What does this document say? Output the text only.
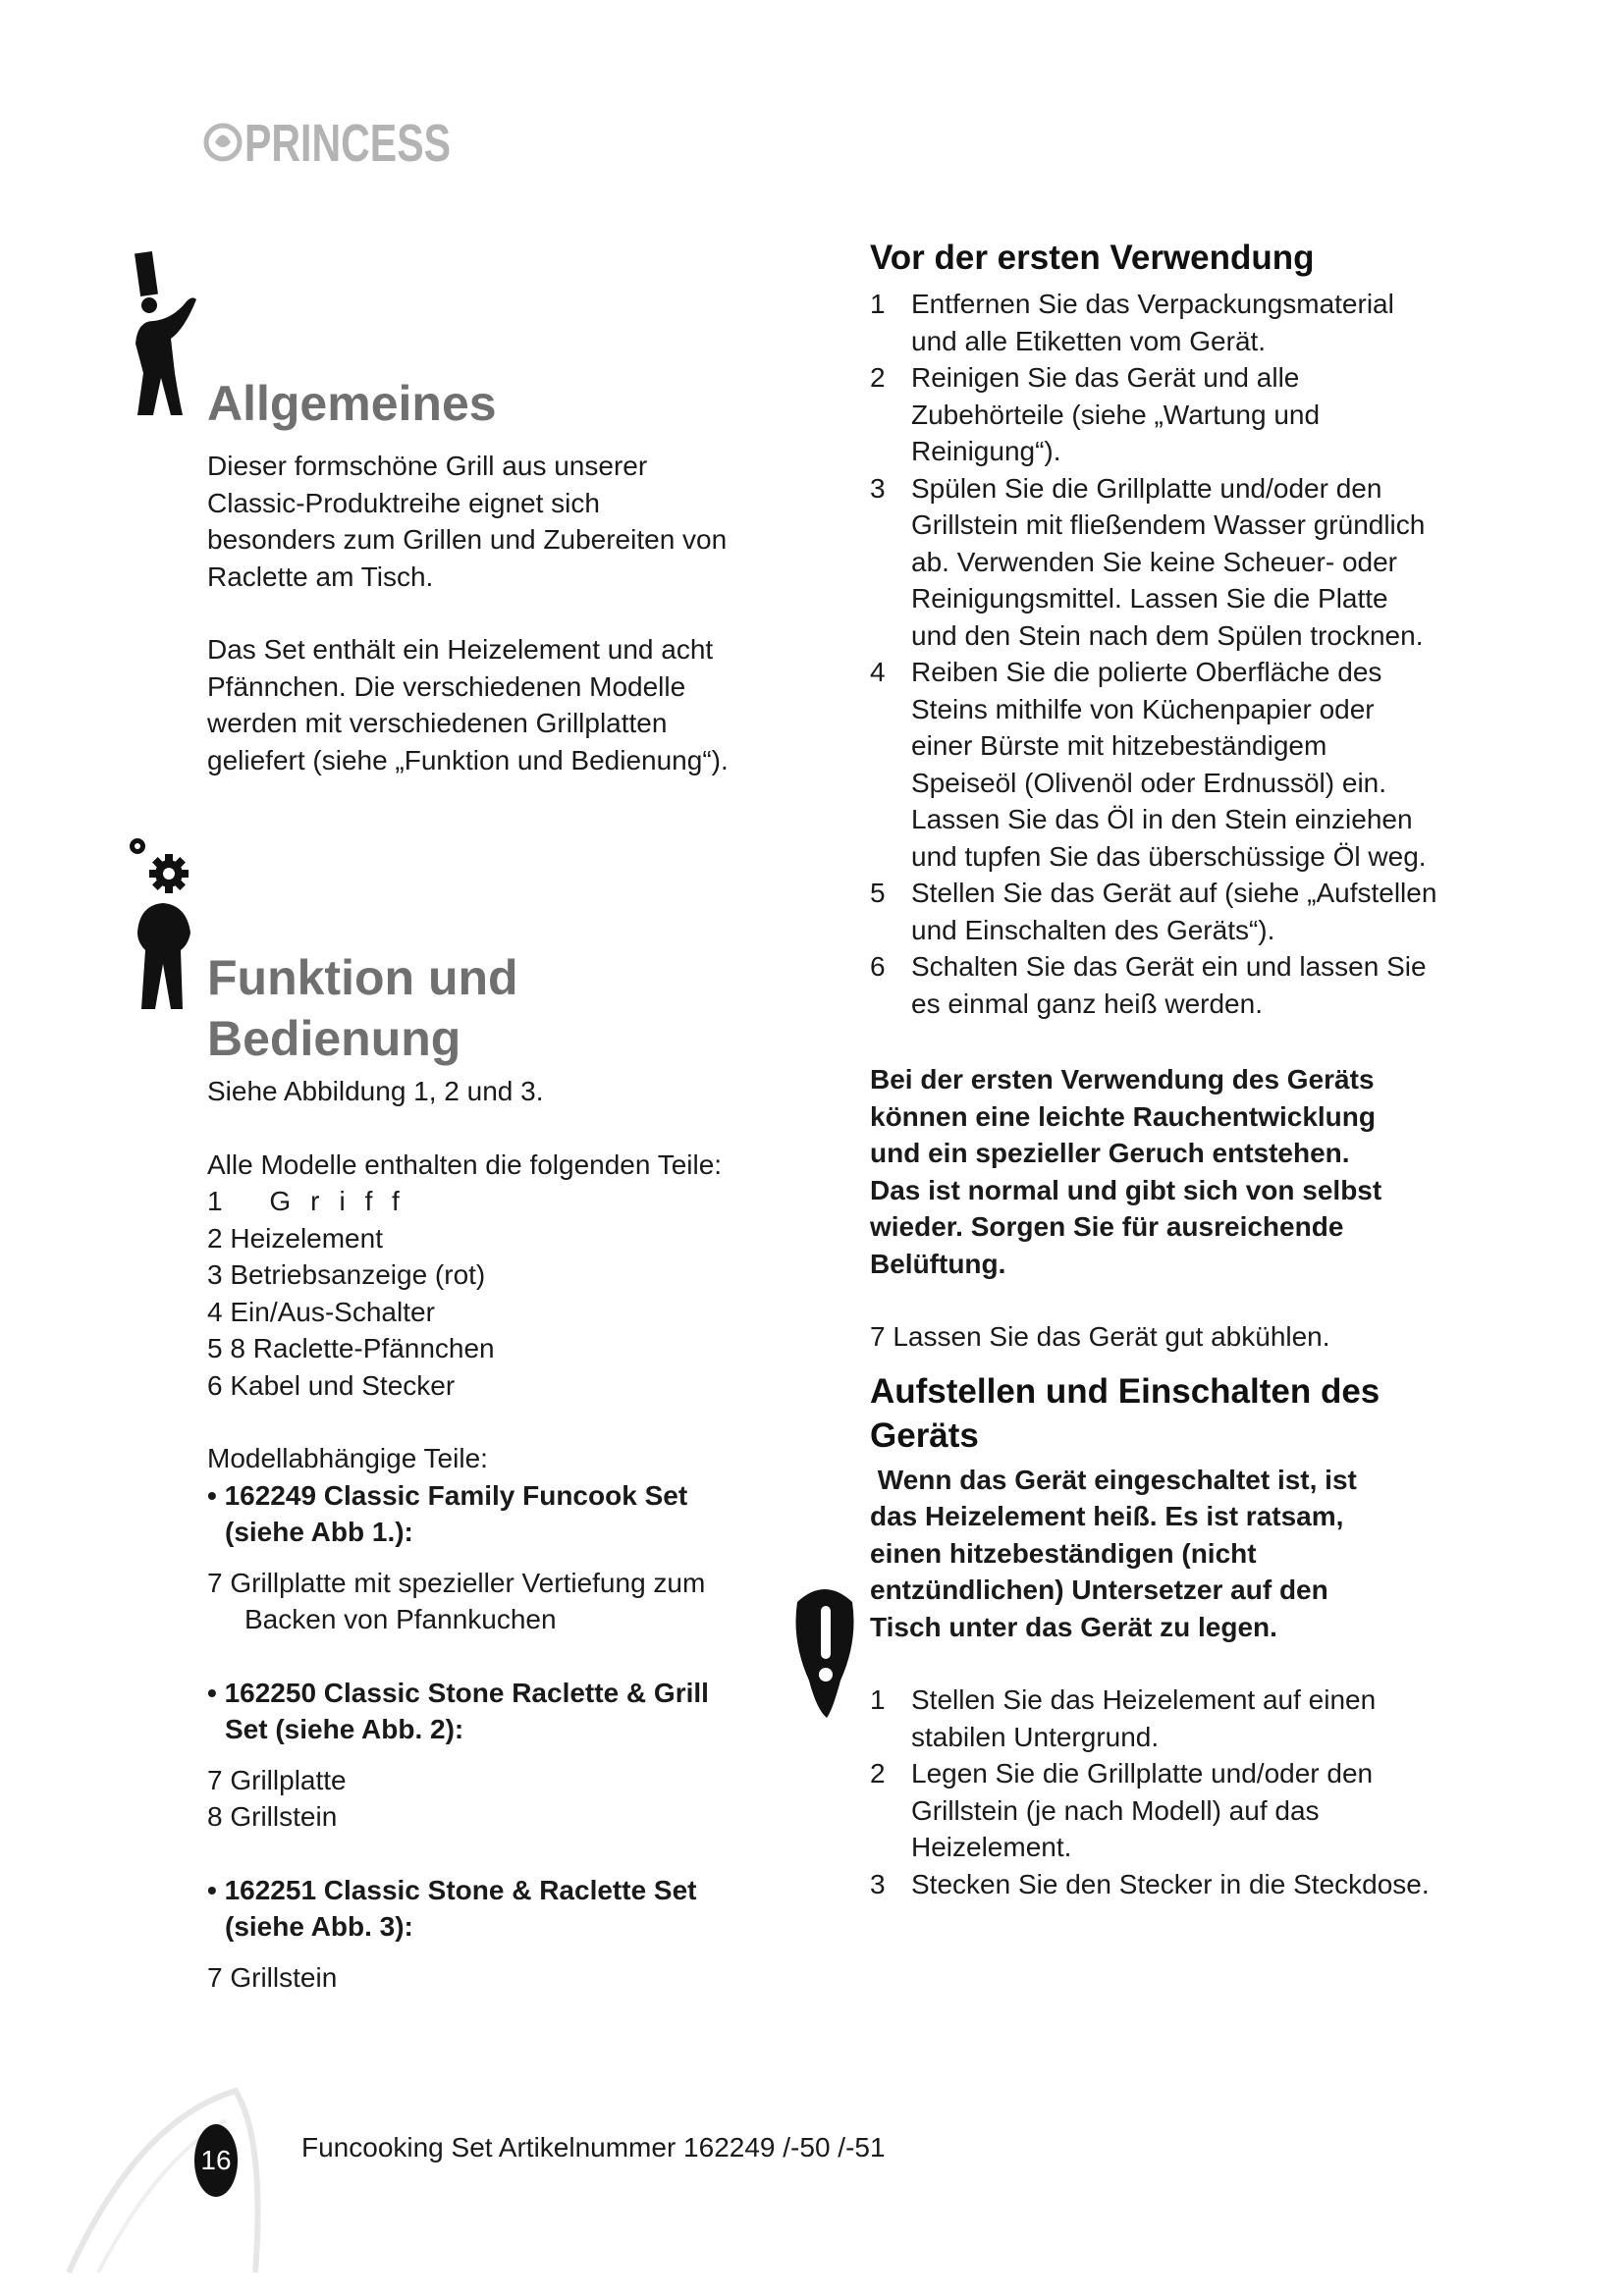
PRINCESS
Allgemeines
Dieser formschöne Grill aus unserer
Classic-Produktreihe eignet sich
besonders zum Grillen und Zubereiten von
Raclette am Tisch.
Das Set enthält ein Heizelement und acht
Pfännchen. Die verschiedenen Modelle
werden mit verschiedenen Grillplatten
geliefert (siehe „Funktion und Bedienung“).
Funktion und
Bedienung
Siehe Abbildung 1, 2 und 3.
Alle Modelle enthalten die folgenden Teile:
1 Griff
2 Heizelement
3 Betriebsanzeige (rot)
4 Ein/Aus-Schalter
5 8 Raclette-Pfännchen
6 Kabel und Stecker
Modellabhängige Teile:
• 162249 Classic Family Funcook Set
(siehe Abb 1.):
7 Grillplatte mit spezieller Vertiefung zum
Backen von Pfannkuchen
• 162250 Classic Stone Raclette & Grill
Set (siehe Abb. 2):
7 Grillplatte
8 Grillstein
• 162251 Classic Stone & Raclette Set
(siehe Abb. 3):
7 Grillstein
Vor der ersten Verwendung
1 Entfernen Sie das Verpackungsmaterial und alle Etiketten vom Gerät.
2 Reinigen Sie das Gerät und alle Zubehörteile (siehe „Wartung und Reinigung“).
3 Spülen Sie die Grillplatte und/oder den Grillstein mit fließendem Wasser gründlich ab. Verwenden Sie keine Scheuer- oder Reinigungsmittel. Lassen Sie die Platte und den Stein nach dem Spülen trocknen.
4 Reiben Sie die polierte Oberfläche des Steins mithilfe von Küchenpapier oder einer Bürste mit hitzebeständigem Speiseöl (Olivenöl oder Erdnussöl) ein. Lassen Sie das Öl in den Stein einziehen und tupfen Sie das überschüssige Öl weg.
5 Stellen Sie das Gerät auf (siehe „Aufstellen und Einschalten des Geräts“).
6 Schalten Sie das Gerät ein und lassen Sie es einmal ganz heiß werden.
Bei der ersten Verwendung des Geräts
können eine leichte Rauchentwicklung
und ein spezieller Geruch entstehen.
Das ist normal und gibt sich von selbst
wieder. Sorgen Sie für ausreichende
Belüftung.
7 Lassen Sie das Gerät gut abkühlen.
Aufstellen und Einschalten des
Geräts
Wenn das Gerät eingeschaltet ist, ist
das Heizelement heiß. Es ist ratsam,
einen hitzebeständigen (nicht
entzündlichen) Untersetzer auf den
Tisch unter das Gerät zu legen.
1 Stellen Sie das Heizelement auf einen stabilen Untergrund.
2 Legen Sie die Grillplatte und/oder den Grillstein (je nach Modell) auf das Heizelement.
3 Stecken Sie den Stecker in die Steckdose.
16	Funcooking Set Artikelnummer 162249 /-50 /-51
